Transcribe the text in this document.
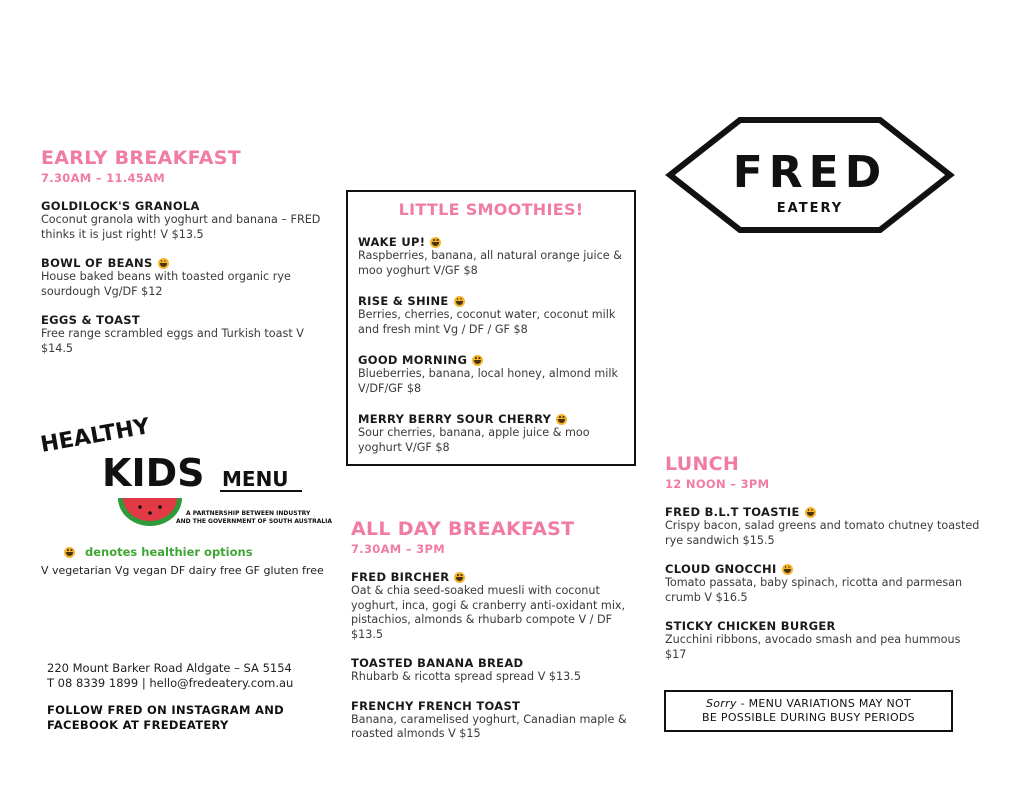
EARLY BREAKFAST
7.30AM – 11.45AM
GOLDILOCK'S GRANOLA
Coconut granola with yoghurt and banana – FRED thinks it is just right! V $13.5
BOWL OF BEANS
House baked beans with toasted organic rye sourdough Vg/DF $12
EGGS & TOAST
Free range scrambled eggs and Turkish toast V $14.5
LITTLE SMOOTHIES!
WAKE UP!
Raspberries, banana, all natural orange juice & moo yoghurt V/GF $8
RISE & SHINE
Berries, cherries, coconut water, coconut milk and fresh mint Vg / DF / GF $8
GOOD MORNING
Blueberries, banana, local honey, almond milk V/DF/GF $8
MERRY BERRY SOUR CHERRY
Sour cherries, banana, apple juice & moo yoghurt V/GF $8
FRED
EATERY
HEALTHY
KIDS MENU
A PARTNERSHIP BETWEEN INDUSTRY
AND THE GOVERNMENT OF SOUTH AUSTRALIA
denotes healthier options
V vegetarian Vg vegan DF dairy free GF gluten free
220 Mount Barker Road Aldgate – SA 5154
T 08 8339 1899 | hello@fredeatery.com.au
FOLLOW FRED ON INSTAGRAM AND
FACEBOOK AT FREDEATERY
ALL DAY BREAKFAST
7.30AM – 3PM
FRED BIRCHER
Oat & chia seed-soaked muesli with coconut yoghurt, inca, gogi & cranberry anti-oxidant mix, pistachios, almonds & rhubarb compote V / DF $13.5
TOASTED BANANA BREAD
Rhubarb & ricotta spread spread V $13.5
FRENCHY FRENCH TOAST
Banana, caramelised yoghurt, Canadian maple & roasted almonds V $15
LUNCH
12 NOON – 3PM
FRED B.L.T TOASTIE
Crispy bacon, salad greens and tomato chutney toasted rye sandwich $15.5
CLOUD GNOCCHI
Tomato passata, baby spinach, ricotta and parmesan crumb V $16.5
STICKY CHICKEN BURGER
Zucchini ribbons, avocado smash and pea hummous $17
Sorry - MENU VARIATIONS MAY NOT
BE POSSIBLE DURING BUSY PERIODS
